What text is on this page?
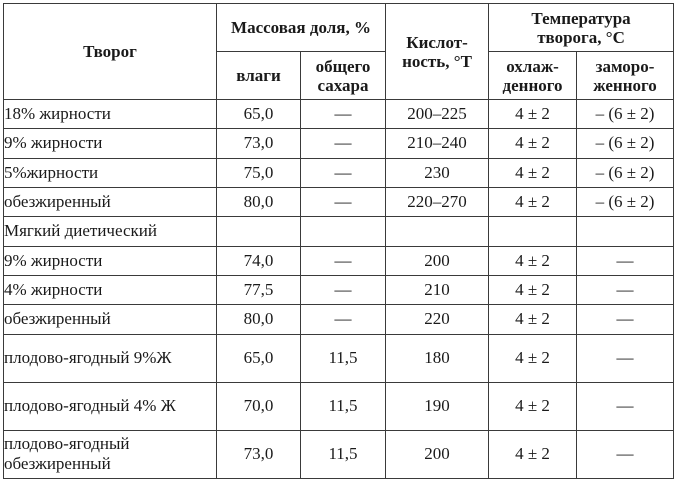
Творог	Массовая доля, %		Кислот-ность, °Т	Температура творога, °С	
	влаги	общего сахара		охлаж-денного	заморо-женного
18% жирности	65,0	—	200–225	4 ± 2	– (6 ± 2)
9% жирности	73,0	—	210–240	4 ± 2	– (6 ± 2)
5%жирности	75,0	—	230	4 ± 2	– (6 ± 2)
обезжиренный	80,0	—	220–270	4 ± 2	– (6 ± 2)
Мягкий диетический					
9% жирности	74,0	—	200	4 ± 2	—
4% жирности	77,5	—	210	4 ± 2	—
обезжиренный	80,0	—	220	4 ± 2	—
плодово-ягодный 9%Ж	65,0	11,5	180	4 ± 2	—
плодово-ягодный 4% Ж	70,0	11,5	190	4 ± 2	—
плодово-ягодный обезжиренный	73,0	11,5	200	4 ± 2	—
